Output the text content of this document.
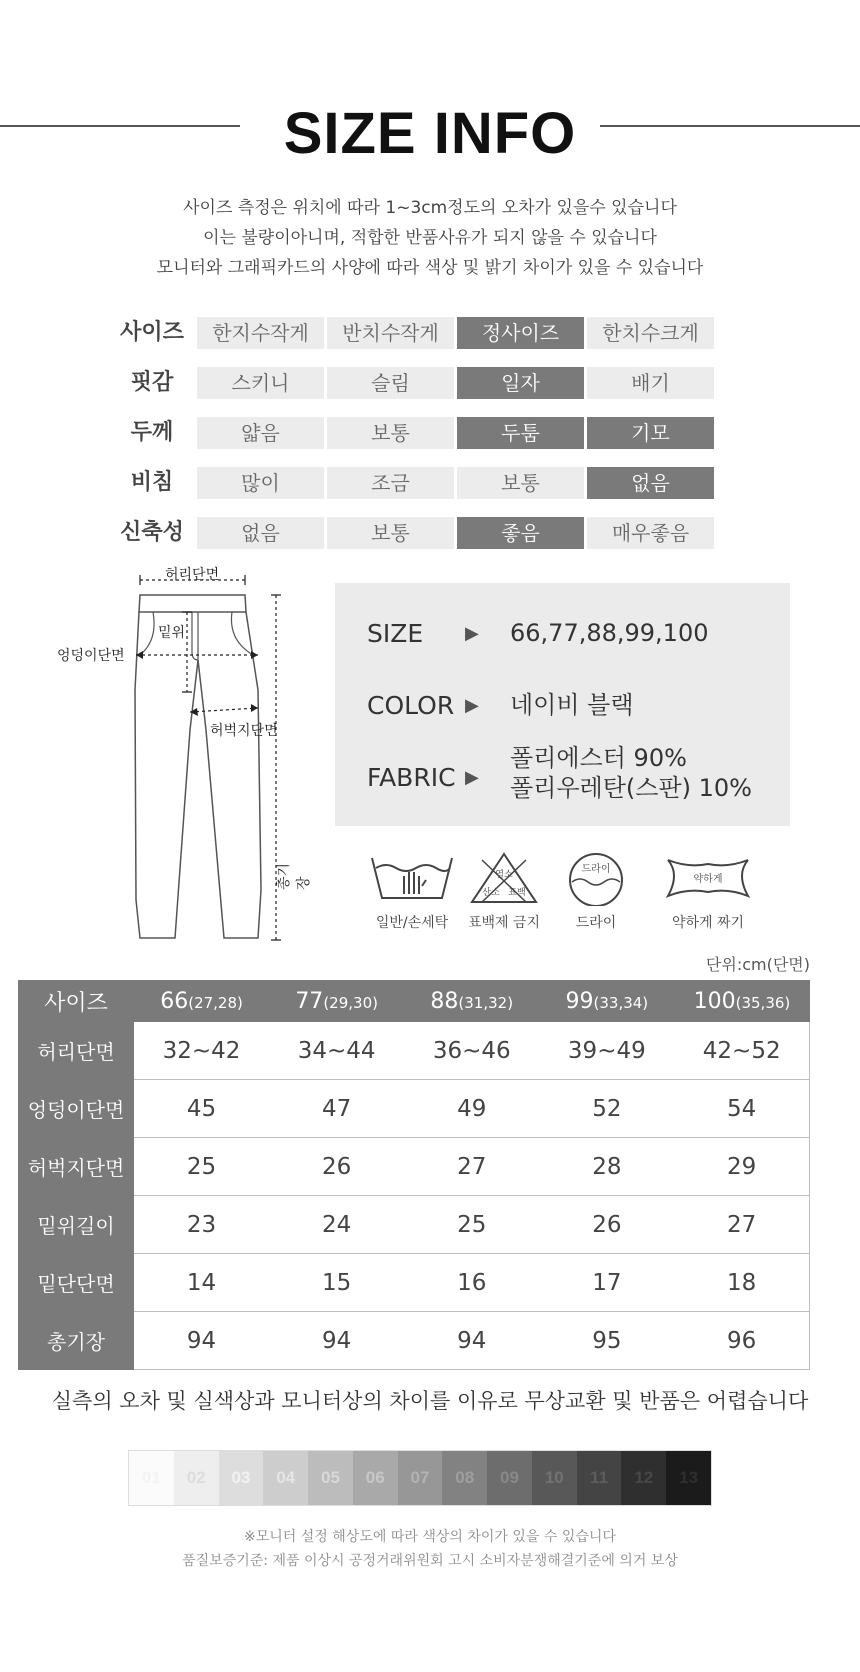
SIZE INFO
사이즈 측정은 위치에 따라 1~3cm정도의 오차가 있을수 있습니다
이는 불량이아니며, 적합한 반품사유가 되지 않을 수 있습니다
모니터와 그래픽카드의 사양에 따라 색상 및 밝기 차이가 있을 수 있습니다
사이즈	한지수작게	반치수작게	정사이즈	한치수크게
핏감	스키니	슬림	일자	배기
두께	얇음	보통	두툼	기모
비침	많이	조금	보통	없음
신축성	없음	보통	좋음	매우좋음
허리단면
밑위
엉덩이단면
허벅지단면
총기장
SIZE ▶ 66,77,88,99,100
COLOR ▶ 네이비 블랙
FABRIC ▶
폴리에스터 90%
폴리우레탄(스판) 10%
일반/손세탁
염소
산소 표백
표백제 금지
드라이
드라이
약하게
약하게 짜기
단위:cm(단면)
사이즈	66(27,28)	77(29,30)	88(31,32)	99(33,34)	100(35,36)
허리단면	32~42	34~44	36~46	39~49	42~52
엉덩이단면	45	47	49	52	54
허벅지단면	25	26	27	28	29
밑위길이	23	24	25	26	27
밑단단면	14	15	16	17	18
총기장	94	94	94	95	96
실측의 오차 및 실색상과 모니터상의 차이를 이유로 무상교환 및 반품은 어렵습니다
01	02	03	04	05	06	07	08	09	10	11	12	13
※모니터 설정 해상도에 따라 색상의 차이가 있을 수 있습니다
품질보증기준: 제품 이상시 공정거래위원회 고시 소비자분쟁해결기준에 의거 보상
